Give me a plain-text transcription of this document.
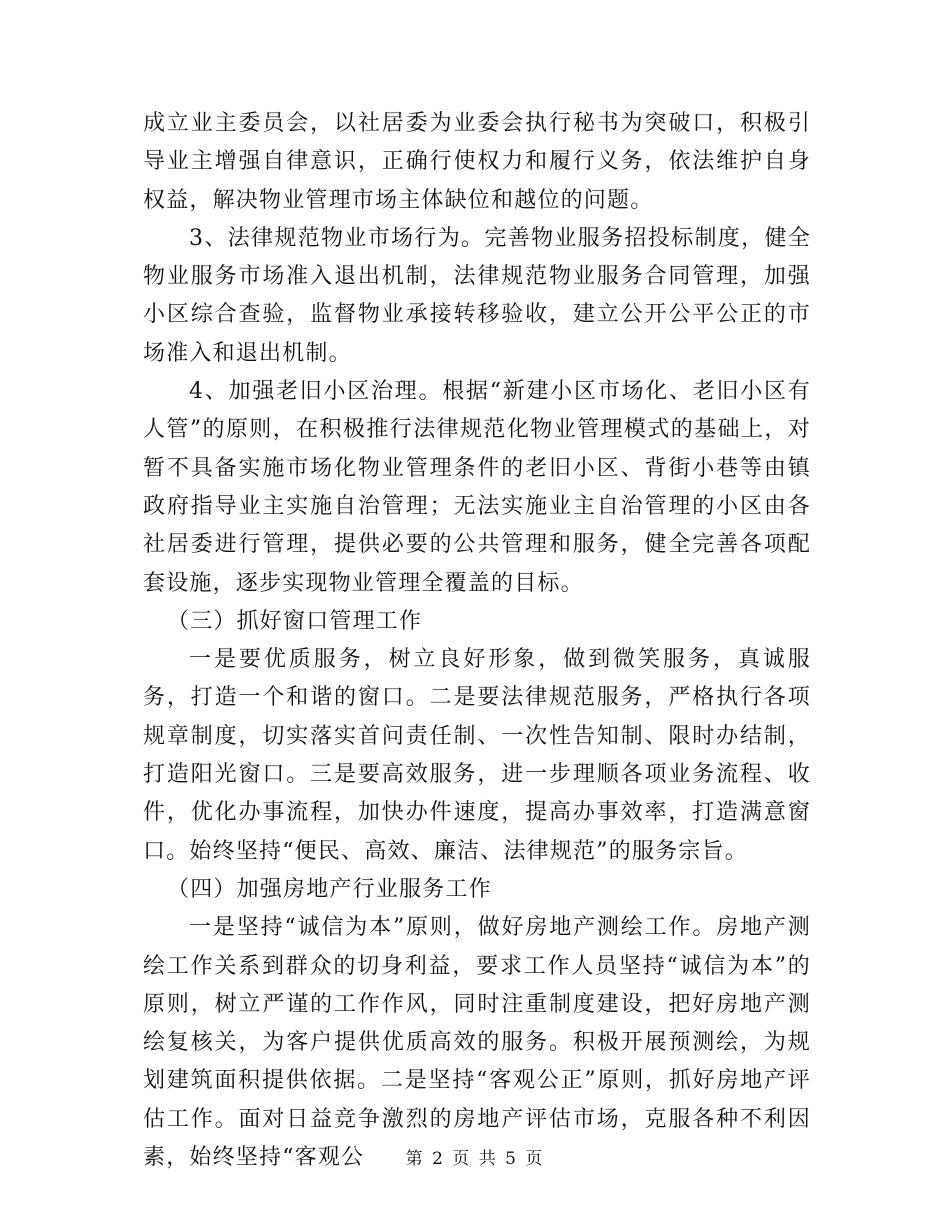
成立业主委员会，以社居委为业委会执行秘书为突破口，积极引导业主增强自律意识，正确行使权力和履行义务，依法维护自身权益，解决物业管理市场主体缺位和越位的问题。

3、法律规范物业市场行为。完善物业服务招投标制度，健全物业服务市场准入退出机制，法律规范物业服务合同管理，加强小区综合查验，监督物业承接转移验收，建立公开公平公正的市场准入和退出机制。

4、加强老旧小区治理。根据“新建小区市场化、老旧小区有人管”的原则，在积极推行法律规范化物业管理模式的基础上，对暂不具备实施市场化物业管理条件的老旧小区、背街小巷等由镇政府指导业主实施自治管理；无法实施业主自治管理的小区由各社居委进行管理，提供必要的公共管理和服务，健全完善各项配套设施，逐步实现物业管理全覆盖的目标。

（三）抓好窗口管理工作

一是要优质服务，树立良好形象，做到微笑服务，真诚服务，打造一个和谐的窗口。二是要法律规范服务，严格执行各项规章制度，切实落实首问责任制、一次性告知制、限时办结制，打造阳光窗口。三是要高效服务，进一步理顺各项业务流程、收件，优化办事流程，加快办件速度，提高办事效率，打造满意窗口。始终坚持“便民、高效、廉洁、法律规范”的服务宗旨。

（四）加强房地产行业服务工作

一是坚持“诚信为本”原则，做好房地产测绘工作。房地产测绘工作关系到群众的切身利益，要求工作人员坚持“诚信为本”的原则，树立严谨的工作作风，同时注重制度建设，把好房地产测绘复核关，为客户提供优质高效的服务。积极开展预测绘，为规划建筑面积提供依据。二是坚持“客观公正”原则，抓好房地产评估工作。面对日益竞争激烈的房地产评估市场，克服各种不利因素，始终坚持“客观公	第 2 页 共 5 页
